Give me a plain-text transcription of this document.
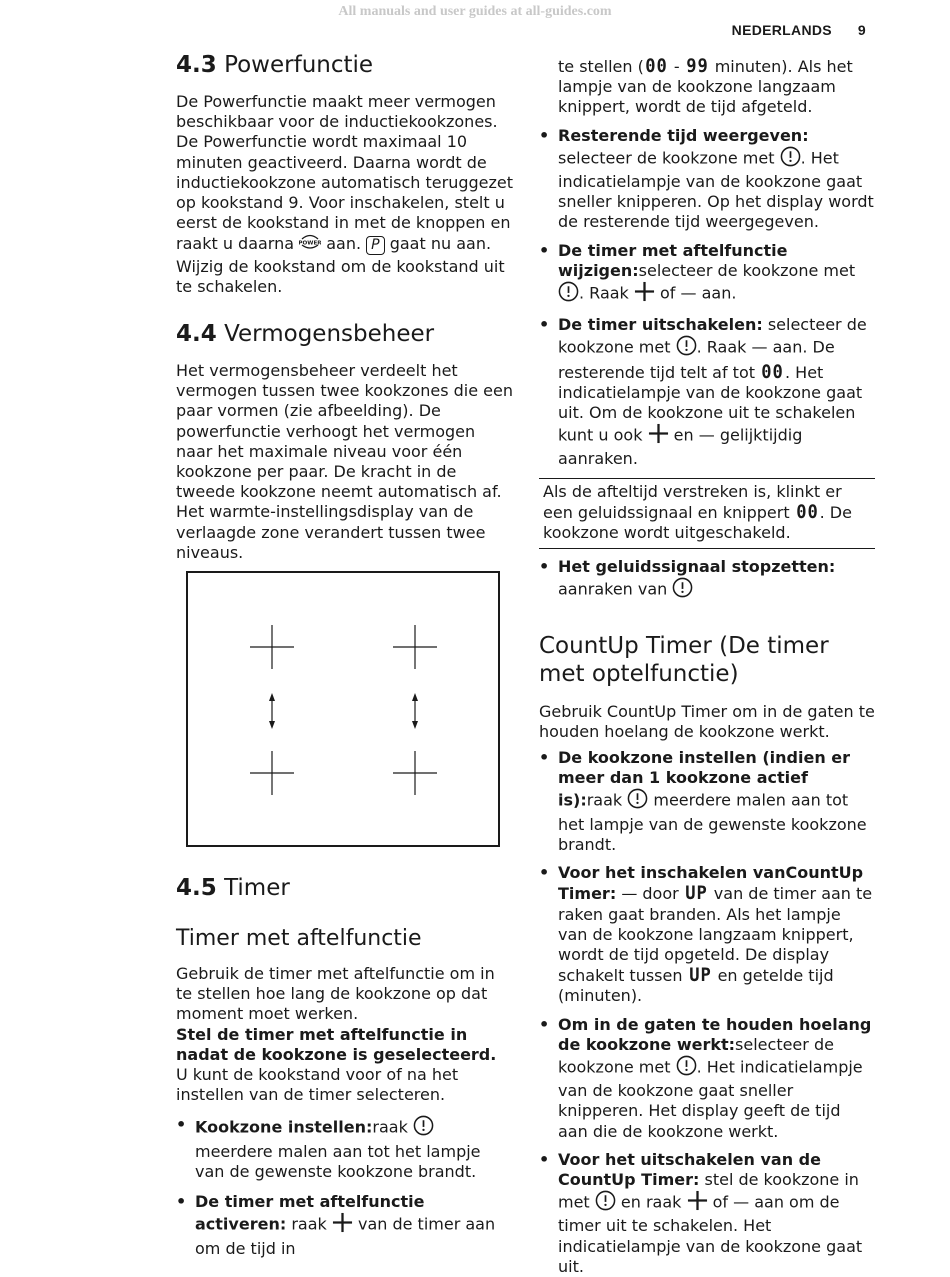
All manuals and user guides at all-guides.com
NEDERLANDS 9
4.3 Powerfunctie

De Powerfunctie maakt meer vermogen beschikbaar voor de inductiekookzones. De Powerfunctie wordt maximaal 10 minuten geactiveerd. Daarna wordt de inductiekookzone automatisch teruggezet op kookstand 9. Voor inschakelen, stelt u eerst de kookstand in met de knoppen en raakt u daarna POWER aan. P gaat nu aan. Wijzig de kookstand om de kookstand uit te schakelen.

4.4 Vermogensbeheer

Het vermogensbeheer verdeelt het vermogen tussen twee kookzones die een paar vormen (zie afbeelding). De powerfunctie verhoogt het vermogen naar het maximale niveau voor één kookzone per paar. De kracht in de tweede kookzone neemt automatisch af. Het warmte-instellingsdisplay van de verlaagde zone verandert tussen twee niveaus.

4.5 Timer
Timer met aftelfunctie

Gebruik de timer met aftelfunctie om in te stellen hoe lang de kookzone op dat moment moet werken.

Stel de timer met aftelfunctie in nadat de kookzone is geselecteerd.

U kunt de kookstand voor of na het instellen van de timer selecteren.

• Kookzone instellen:raak  meerdere malen aan tot het lampje van de gewenste kookzone brandt.
• De timer met aftelfunctie activeren: raak van de timer aan om de tijd in
• te stellen (00 - 99 minuten). Als het lampje van de kookzone langzaam knippert, wordt de tijd afgeteld.
• Resterende tijd weergeven: selecteer de kookzone met . Het indicatielampje van de kookzone gaat sneller knipperen. Op het display wordt de resterende tijd weergegeven.
• De timer met aftelfunctie wijzigen:selecteer de kookzone met . Raak of — aan.
• De timer uitschakelen: selecteer de kookzone met . Raak — aan. De resterende tijd telt af tot 00. Het indicatielampje van de kookzone gaat uit. Om de kookzone uit te schakelen kunt u ook en — gelijktijdig aanraken.

Als de afteltijd verstreken is, klinkt er een geluidssignaal en knippert 00. De kookzone wordt uitgeschakeld.

• Het geluidssignaal stopzetten: aanraken van
CountUp Timer (De timer met optelfunctie)

Gebruik CountUp Timer om in de gaten te houden hoelang de kookzone werkt.

• De kookzone instellen (indien er meer dan 1 kookzone actief is):raak meerdere malen aan tot het lampje van de gewenste kookzone brandt.
• Voor het inschakelen vanCountUp Timer: — door UP van de timer aan te raken gaat branden. Als het lampje van de kookzone langzaam knippert, wordt de tijd opgeteld. De display schakelt tussen UP en getelde tijd (minuten).
• Om in de gaten te houden hoelang de kookzone werkt:selecteer de kookzone met . Het indicatielampje van de kookzone gaat sneller knipperen. Het display geeft de tijd aan die de kookzone werkt.
• Voor het uitschakelen van de CountUp Timer: stel de kookzone in met en raak of — aan om de timer uit te schakelen. Het indicatielampje van de kookzone gaat uit.
